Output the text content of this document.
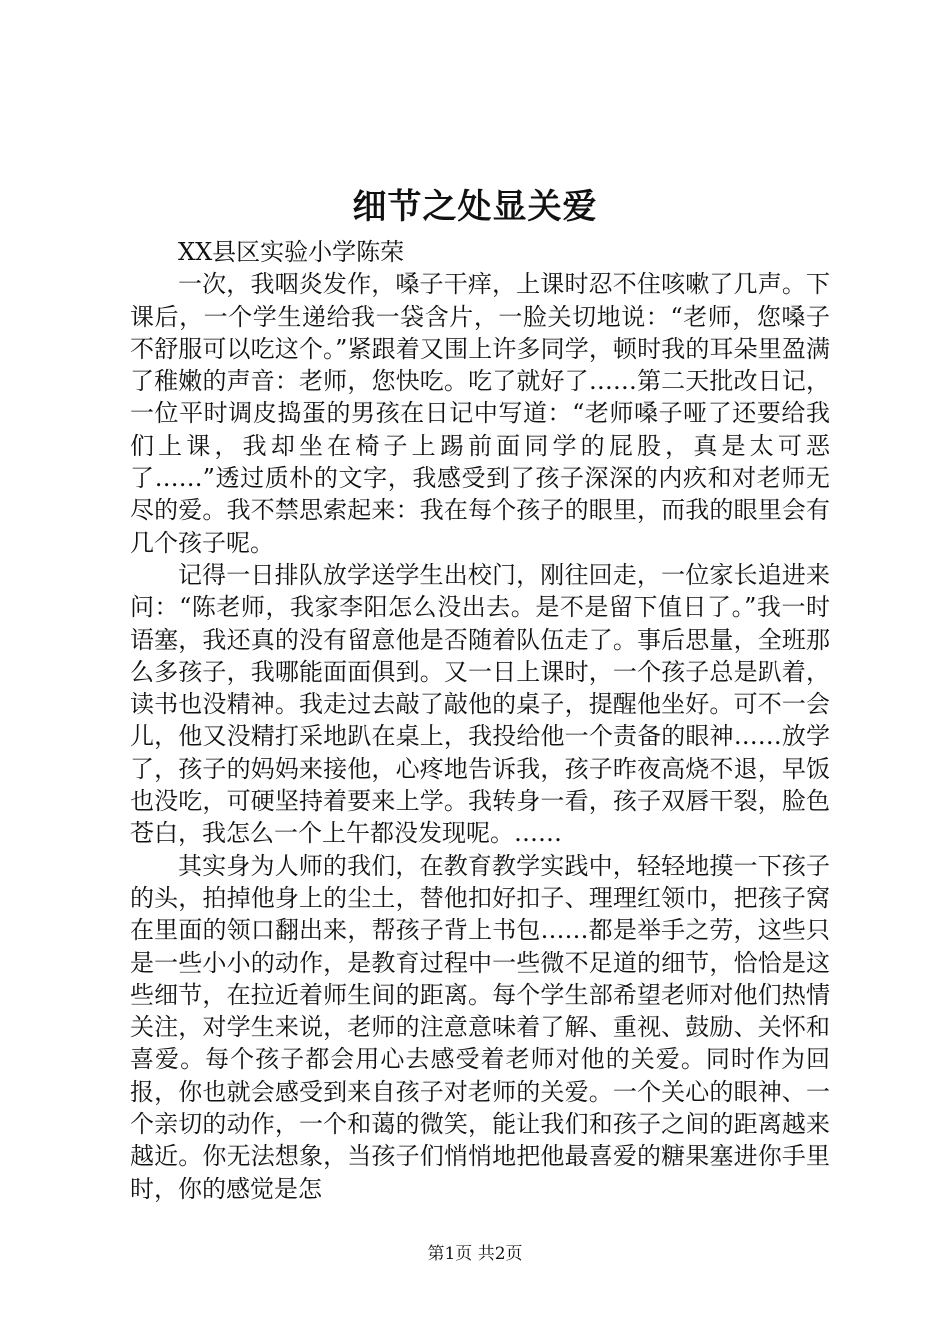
细节之处显关爱

XX县区实验小学陈荣

一次，我咽炎发作，嗓子干痒，上课时忍不住咳嗽了几声。下课后，一个学生递给我一袋含片，一脸关切地说：“老师，您嗓子不舒服可以吃这个。”紧跟着又围上许多同学，顿时我的耳朵里盈满了稚嫩的声音：老师，您快吃。吃了就好了……第二天批改日记，一位平时调皮捣蛋的男孩在日记中写道：“老师嗓子哑了还要给我们上课，我却坐在椅子上踢前面同学的屁股，真是太可恶了……”透过质朴的文字，我感受到了孩子深深的内疚和对老师无尽的爱。我不禁思索起来：我在每个孩子的眼里，而我的眼里会有几个孩子呢。

记得一日排队放学送学生出校门，刚往回走，一位家长追进来问：“陈老师，我家李阳怎么没出去。是不是留下值日了。”我一时语塞，我还真的没有留意他是否随着队伍走了。事后思量，全班那么多孩子，我哪能面面俱到。又一日上课时，一个孩子总是趴着，读书也没精神。我走过去敲了敲他的桌子，提醒他坐好。可不一会儿，他又没精打采地趴在桌上，我投给他一个责备的眼神……放学了，孩子的妈妈来接他，心疼地告诉我，孩子昨夜高烧不退，早饭也没吃，可硬坚持着要来上学。我转身一看，孩子双唇干裂，脸色苍白，我怎么一个上午都没发现呢。……

其实身为人师的我们，在教育教学实践中，轻轻地摸一下孩子的头，拍掉他身上的尘土，替他扣好扣子、理理红领巾，把孩子窝在里面的领口翻出来，帮孩子背上书包……都是举手之劳，这些只是一些小小的动作，是教育过程中一些微不足道的细节，恰恰是这些细节，在拉近着师生间的距离。每个学生部希望老师对他们热情关注，对学生来说，老师的注意意味着了解、重视、鼓励、关怀和喜爱。每个孩子都会用心去感受着老师对他的关爱。同时作为回报，你也就会感受到来自孩子对老师的关爱。一个关心的眼神、一个亲切的动作，一个和蔼的微笑，能让我们和孩子之间的距离越来越近。你无法想象，当孩子们悄悄地把他最喜爱的糖果塞进你手里时，你的感觉是怎

第1页 共2页
